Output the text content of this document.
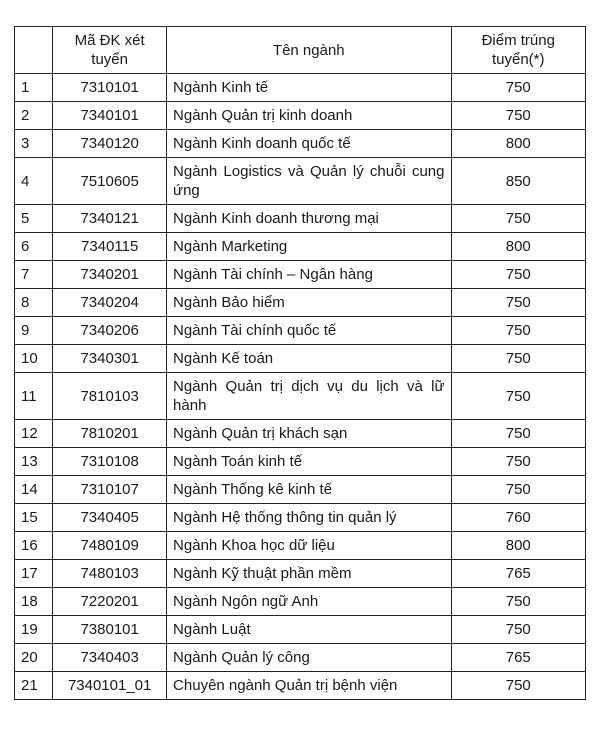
	Mã ĐK xét tuyển	Tên ngành	Điểm trúng tuyển(*)
1	7310101	Ngành Kinh tế	750
2	7340101	Ngành Quản trị kinh doanh	750
3	7340120	Ngành Kinh doanh quốc tế	800
4	7510605	Ngành Logistics và Quản lý chuỗi cung ứng	850
5	7340121	Ngành Kinh doanh thương mại	750
6	7340115	Ngành Marketing	800
7	7340201	Ngành Tài chính – Ngân hàng	750
8	7340204	Ngành Bảo hiểm	750
9	7340206	Ngành Tài chính quốc tế	750
10	7340301	Ngành Kế toán	750
11	7810103	Ngành Quản trị dịch vụ du lịch và lữ hành	750
12	7810201	Ngành Quản trị khách sạn	750
13	7310108	Ngành Toán kinh tế	750
14	7310107	Ngành Thống kê kinh tế	750
15	7340405	Ngành Hệ thống thông tin quản lý	760
16	7480109	Ngành Khoa học dữ liệu	800
17	7480103	Ngành Kỹ thuật phần mềm	765
18	7220201	Ngành Ngôn ngữ Anh	750
19	7380101	Ngành Luật	750
20	7340403	Ngành Quản lý công	765
21	7340101_01	Chuyên ngành Quản trị bệnh viện	750
